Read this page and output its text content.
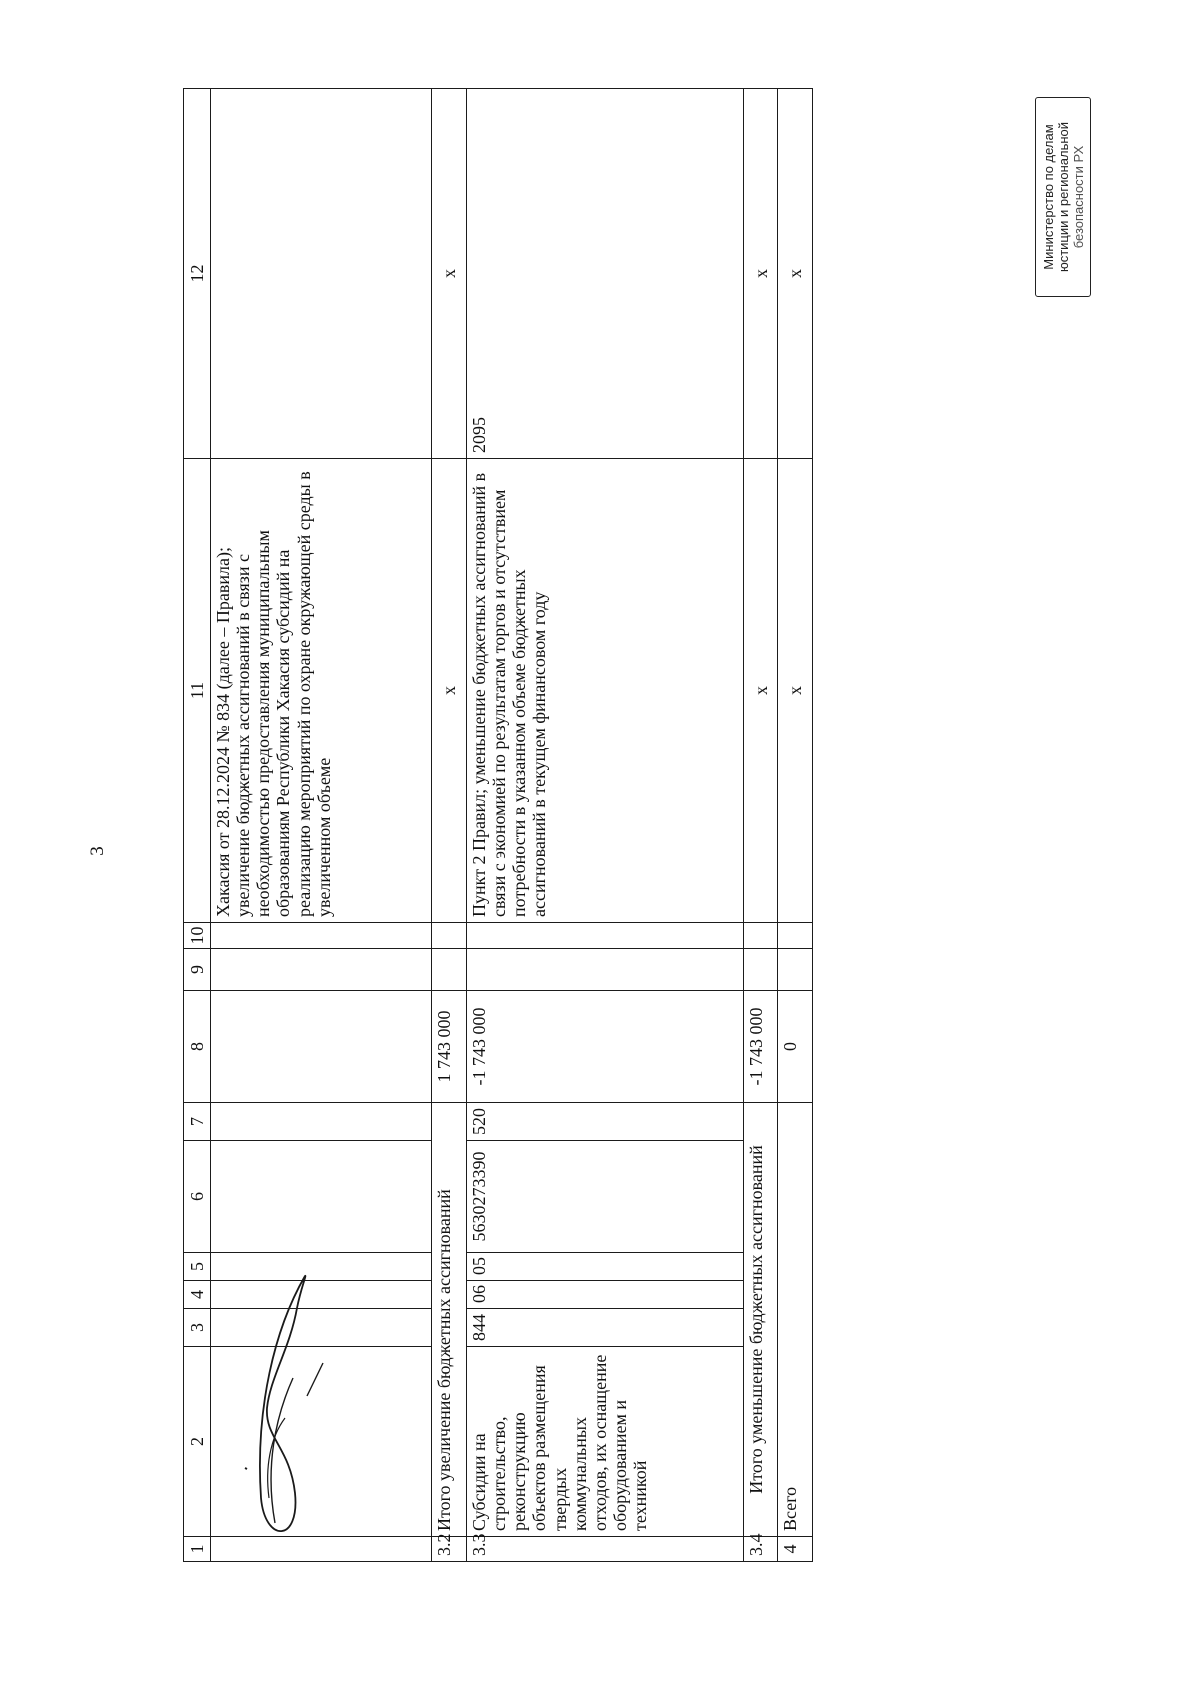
3
1	2	3	4	5	6	7	8	9	10	11	12
										Хакасия от 28.12.2024 № 834 (далее – Правила); увеличение бюджетных ассигнований в связи с необходимостью предоставления муниципальным образованиям Республики Хакасия субсидий на реализацию мероприятий по охране окружающей среды в увеличенном объеме	
3.2	Итого увеличение бюджетных ассигнований						1 743 000			х	х
3.3	Субсидии на строительство, реконструкцию объектов размещения твердых коммунальных отходов, их оснащение оборудованием и техникой	844	06	05	5630273390	520	-1 743 000			Пункт 2 Правил; уменьшение бюджетных ассигнований в связи с экономией по результатам торгов и отсутствием потребности в указанном объеме бюджетных ассигнований в текущем финансовом году	2095
3.4	Итого уменьшение бюджетных ассигнований						-1 743 000			х	х
4	Всего						0			х	х
Министерство по делам юстиции и региональной безопасности РХ
